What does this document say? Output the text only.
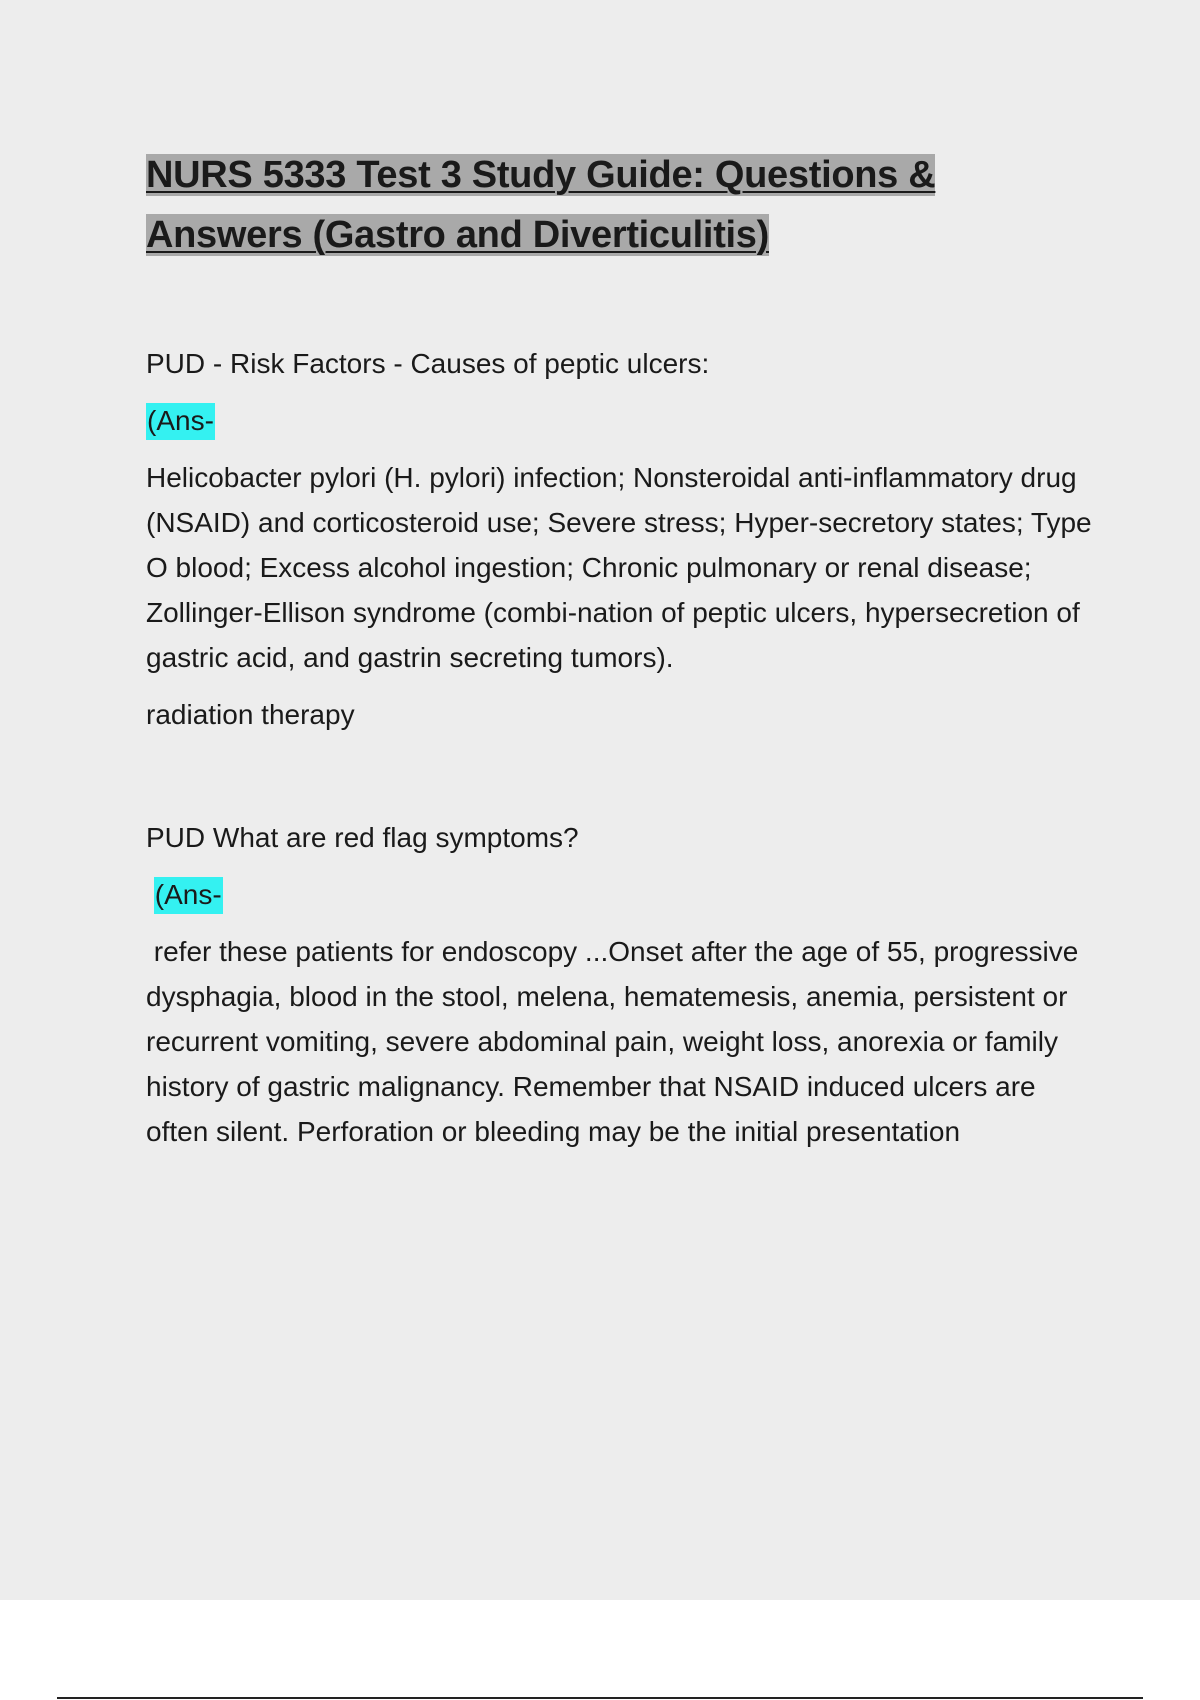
NURS 5333 Test 3 Study Guide: Questions &
Answers (Gastro and Diverticulitis)

PUD - Risk Factors - Causes of peptic ulcers:

(Ans-

Helicobacter pylori (H. pylori) infection; Nonsteroidal anti-inflammatory drug (NSAID) and corticosteroid use; Severe stress; Hyper-secretory states; Type O blood; Excess alcohol ingestion; Chronic pulmonary or renal disease; Zollinger-Ellison syndrome (combi-nation of peptic ulcers, hypersecretion of gastric acid, and gastrin secreting tumors).

radiation therapy

PUD What are red flag symptoms?

(Ans-

refer these patients for endoscopy ...Onset after the age of 55, progressive dysphagia, blood in the stool, melena, hematemesis, anemia, persistent or recurrent vomiting, severe abdominal pain, weight loss, anorexia or family history of gastric malignancy. Remember that NSAID induced ulcers are often silent. Perforation or bleeding may be the initial presentation
